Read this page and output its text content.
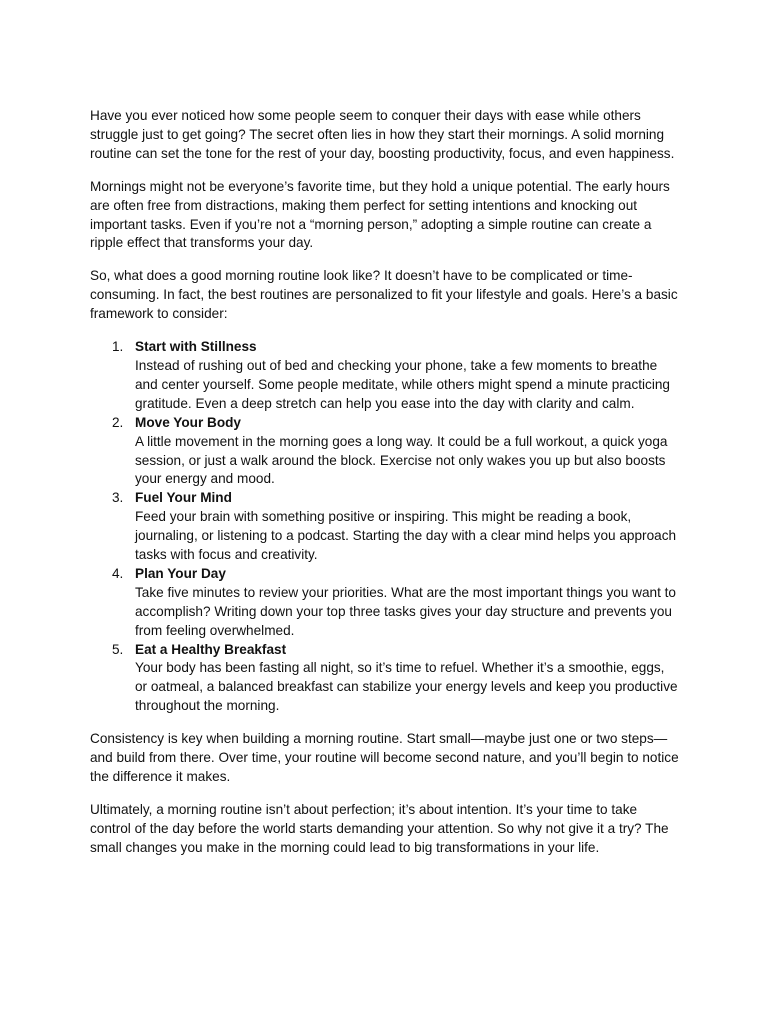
Have you ever noticed how some people seem to conquer their days with ease while others struggle just to get going? The secret often lies in how they start their mornings. A solid morning routine can set the tone for the rest of your day, boosting productivity, focus, and even happiness.

Mornings might not be everyone’s favorite time, but they hold a unique potential. The early hours are often free from distractions, making them perfect for setting intentions and knocking out important tasks. Even if you’re not a “morning person,” adopting a simple routine can create a ripple effect that transforms your day.

So, what does a good morning routine look like? It doesn’t have to be complicated or time-consuming. In fact, the best routines are personalized to fit your lifestyle and goals. Here’s a basic framework to consider:

1. Start with Stillness
Instead of rushing out of bed and checking your phone, take a few moments to breathe and center yourself. Some people meditate, while others might spend a minute practicing gratitude. Even a deep stretch can help you ease into the day with clarity and calm.
2. Move Your Body
A little movement in the morning goes a long way. It could be a full workout, a quick yoga session, or just a walk around the block. Exercise not only wakes you up but also boosts your energy and mood.
3. Fuel Your Mind
Feed your brain with something positive or inspiring. This might be reading a book, journaling, or listening to a podcast. Starting the day with a clear mind helps you approach tasks with focus and creativity.
4. Plan Your Day
Take five minutes to review your priorities. What are the most important things you want to accomplish? Writing down your top three tasks gives your day structure and prevents you from feeling overwhelmed.
5. Eat a Healthy Breakfast
Your body has been fasting all night, so it’s time to refuel. Whether it’s a smoothie, eggs, or oatmeal, a balanced breakfast can stabilize your energy levels and keep you productive throughout the morning.

Consistency is key when building a morning routine. Start small—maybe just one or two steps—and build from there. Over time, your routine will become second nature, and you’ll begin to notice the difference it makes.

Ultimately, a morning routine isn’t about perfection; it’s about intention. It’s your time to take control of the day before the world starts demanding your attention. So why not give it a try? The small changes you make in the morning could lead to big transformations in your life.
